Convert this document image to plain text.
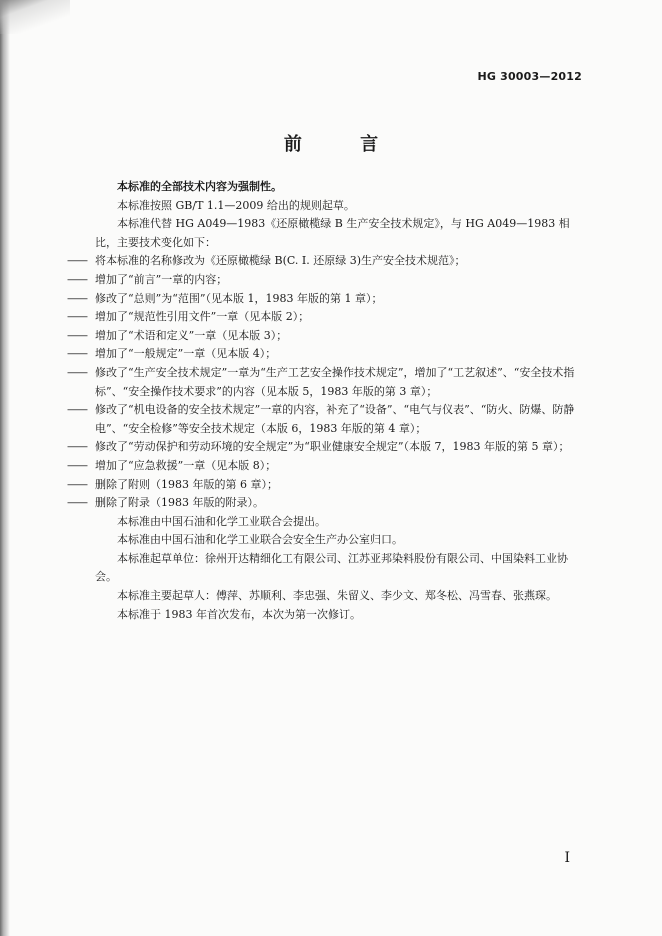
HG 30003—2012
前 言

本标准的全部技术内容为强制性。

本标准按照 GB/T 1.1—2009 给出的规则起草。

本标准代替 HG A049—1983《还原橄榄绿 B 生产安全技术规定》，与 HG A049—1983 相比，主要技术变化如下：

—— 将本标准的名称修改为《还原橄榄绿 B(C. I. 还原绿 3)生产安全技术规范》；

—— 增加了“前言”一章的内容；

—— 修改了“总则”为“范围”（见本版 1，1983 年版的第 1 章）；

—— 增加了“规范性引用文件”一章（见本版 2）；

—— 增加了“术语和定义”一章（见本版 3）；

—— 增加了“一般规定”一章（见本版 4）；

—— 修改了“生产安全技术规定”一章为“生产工艺安全操作技术规定”，增加了“工艺叙述”、“安全技术指标”、“安全操作技术要求”的内容（见本版 5，1983 年版的第 3 章）；

—— 修改了“机电设备的安全技术规定”一章的内容，补充了“设备”、“电气与仪表”、“防火、防爆、防静电”、“安全检修”等安全技术规定（本版 6，1983 年版的第 4 章）；

—— 修改了“劳动保护和劳动环境的安全规定”为“职业健康安全规定”（本版 7，1983 年版的第 5 章）；

—— 增加了“应急救援”一章（见本版 8）；

—— 删除了附则（1983 年版的第 6 章）；

—— 删除了附录（1983 年版的附录）。

本标准由中国石油和化学工业联合会提出。

本标准由中国石油和化学工业联合会安全生产办公室归口。

本标准起草单位：徐州开达精细化工有限公司、江苏亚邦染料股份有限公司、中国染料工业协会。

本标准主要起草人：傅萍、苏顺利、李忠强、朱留义、李少文、郑冬松、冯雪春、张燕琛。

本标准于 1983 年首次发布，本次为第一次修订。

I
